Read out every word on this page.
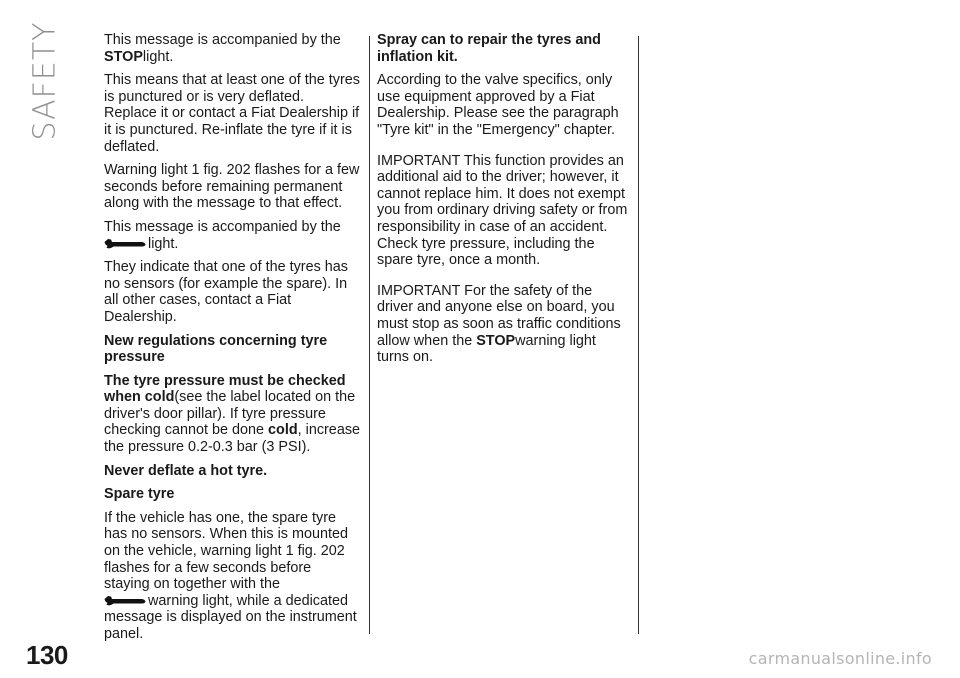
SAFETY	This message is accompanied by the STOPlight.

This means that at least one of the tyres is punctured or is very deflated. Replace it or contact a Fiat Dealership if it is punctured. Re-inflate the tyre if it is deflated.

Warning light 1 fig. 202 flashes for a few seconds before remaining permanent along with the message to that effect.

This message is accompanied by the

light.

They indicate that one of the tyres has no sensors (for example the spare). In all other cases, contact a Fiat Dealership.

New regulations concerning tyre pressure

The tyre pressure must be checked when cold(see the label located on the driver's door pillar). If tyre pressure checking cannot be done cold, increase the pressure 0.2-0.3 bar (3 PSI).

Never deflate a hot tyre.

Spare tyre

If the vehicle has one, the spare tyre has no sensors. When this is mounted on the vehicle, warning light 1 fig. 202 flashes for a few seconds before staying on together with the

warning light, while a dedicated message is displayed on the instrument panel.

Spray can to repair the tyres and inflation kit.

According to the valve specifics, only use equipment approved by a Fiat Dealership. Please see the paragraph "Tyre kit" in the "Emergency" chapter.

IMPORTANT This function provides an additional aid to the driver; however, it cannot replace him. It does not exempt you from ordinary driving safety or from responsibility in case of an accident. Check tyre pressure, including the spare tyre, once a month.

IMPORTANT For the safety of the driver and anyone else on board, you must stop as soon as traffic conditions allow when the STOPwarning light turns on.

130	carmanualsonline.info
